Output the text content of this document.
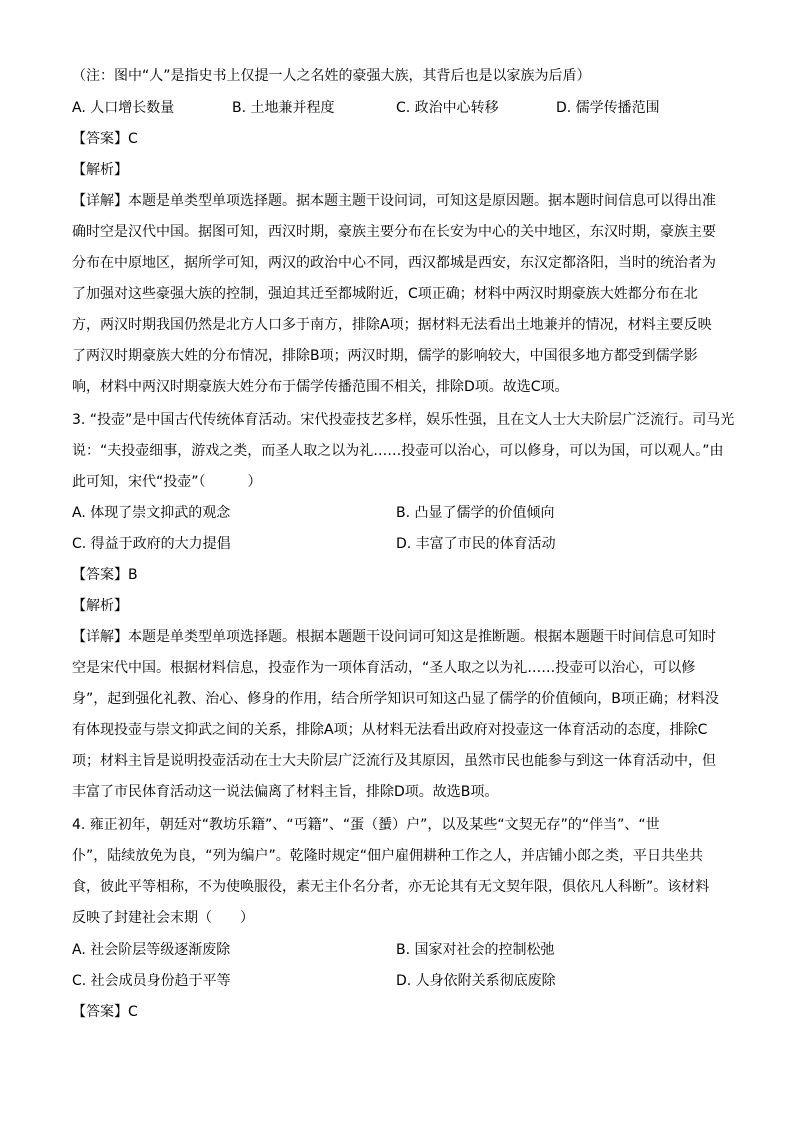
（注：图中“人”是指史书上仅提一人之名姓的豪强大族，其背后也是以家族为后盾）
A. 人口增长数量	B. 土地兼并程度	C. 政治中心转移	D. 儒学传播范围
【答案】C
【解析】
【详解】本题是单类型单项选择题。据本题主题干设问词，可知这是原因题。据本题时间信息可以得出准
确时空是汉代中国。据图可知，西汉时期，豪族主要分布在长安为中心的关中地区，东汉时期，豪族主要
分布在中原地区，据所学可知，两汉的政治中心不同，西汉都城是西安，东汉定都洛阳，当时的统治者为
了加强对这些豪强大族的控制，强迫其迁至都城附近，C项正确；材料中两汉时期豪族大姓都分布在北
方，两汉时期我国仍然是北方人口多于南方，排除A项；据材料无法看出土地兼并的情况，材料主要反映
了两汉时期豪族大姓的分布情况，排除B项；两汉时期，儒学的影响较大，中国很多地方都受到儒学影
响，材料中两汉时期豪族大姓分布于儒学传播范围不相关，排除D项。故选C项。
3. “投壶”是中国古代传统体育活动。宋代投壶技艺多样，娱乐性强，且在文人士大夫阶层广泛流行。司马光
说：“夫投壶细事，游戏之类，而圣人取之以为礼……投壶可以治心，可以修身，可以为国，可以观人。”由
此可知，宋代“投壶”（　　　）
A. 体现了崇文抑武的观念	B. 凸显了儒学的价值倾向
C. 得益于政府的大力提倡	D. 丰富了市民的体育活动
【答案】B
【解析】
【详解】本题是单类型单项选择题。根据本题题干设问词可知这是推断题。根据本题题干时间信息可知时
空是宋代中国。根据材料信息，投壶作为一项体育活动，“圣人取之以为礼……投壶可以治心，可以修
身”，起到强化礼教、治心、修身的作用，结合所学知识可知这凸显了儒学的价值倾向，B项正确；材料没
有体现投壶与崇文抑武之间的关系，排除A项；从材料无法看出政府对投壶这一体育活动的态度，排除C
项；材料主旨是说明投壶活动在士大夫阶层广泛流行及其原因，虽然市民也能参与到这一体育活动中，但
丰富了市民体育活动这一说法偏离了材料主旨，排除D项。故选B项。
4. 雍正初年，朝廷对“教坊乐籍”、“丐籍”、“蛋（蜑）户”，以及某些“文契无存”的“伴当”、“世
仆”，陆续放免为良，“列为编户”。乾隆时规定“佃户雇佣耕种工作之人，并店铺小郎之类，平日共坐共
食，彼此平等相称，不为使唤服役，素无主仆名分者，亦无论其有无文契年限，俱依凡人科断”。该材料
反映了封建社会末期（　　）
A. 社会阶层等级逐渐废除	B. 国家对社会的控制松弛
C. 社会成员身份趋于平等	D. 人身依附关系彻底废除
【答案】C
